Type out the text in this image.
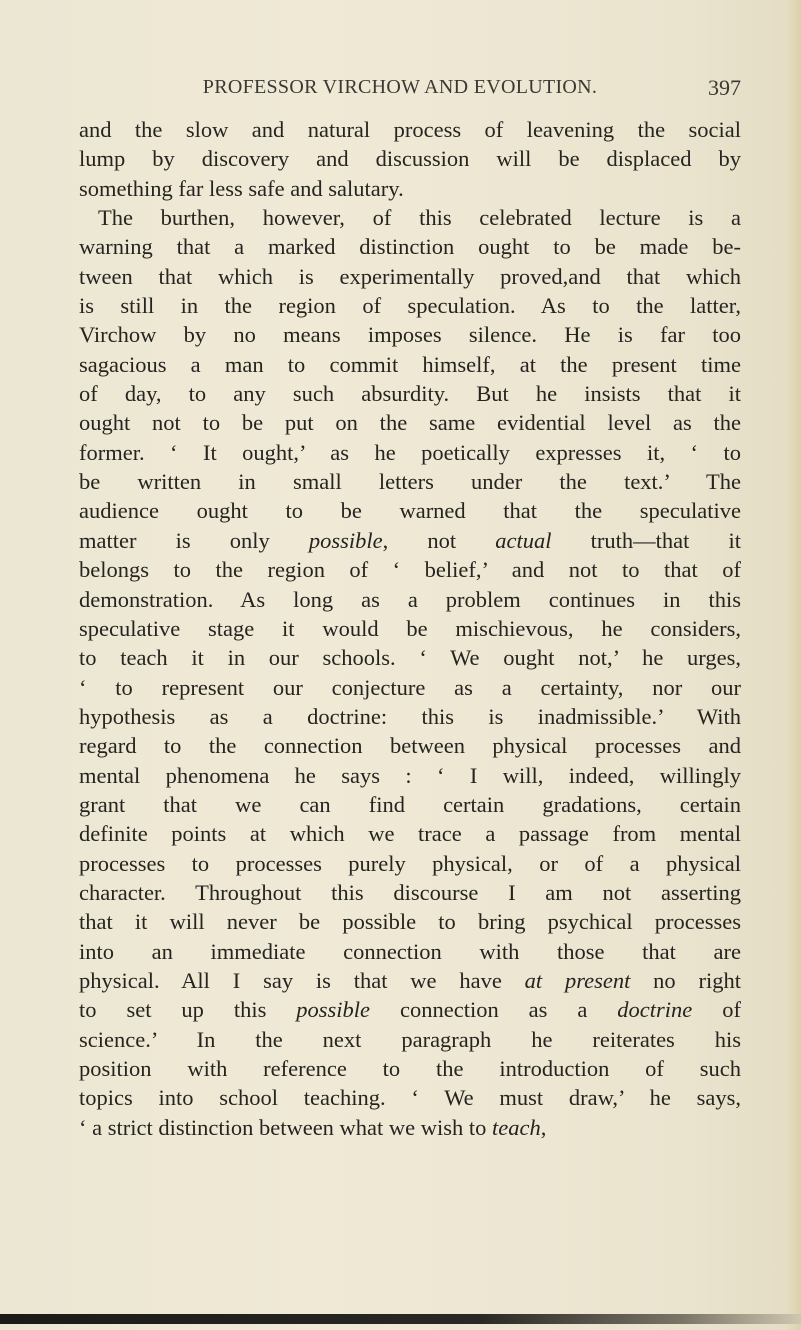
PROFESSOR VIRCHOW AND EVOLUTION.	397
and the slow and natural process of leavening the social
lump by discovery and discussion will be displaced by
something far less safe and salutary.
The burthen, however, of this celebrated lecture is a
warning that a marked distinction ought to be made be-
tween that which is experimentally proved,and that which
is still in the region of speculation. As to the latter,
Virchow by no means imposes silence. He is far too
sagacious a man to commit himself, at the present time
of day, to any such absurdity. But he insists that it
ought not to be put on the same evidential level as the
former. ‘ It ought,’ as he poetically expresses it, ‘ to
be written in small letters under the text.’ The
audience ought to be warned that the speculative
matter is only possible, not actual truth—that it
belongs to the region of ‘ belief,’ and not to that of
demonstration. As long as a problem continues in this
speculative stage it would be mischievous, he considers,
to teach it in our schools. ‘ We ought not,’ he urges,
‘ to represent our conjecture as a certainty, nor our
hypothesis as a doctrine: this is inadmissible.’ With
regard to the connection between physical processes and
mental phenomena he says : ‘ I will, indeed, willingly
grant that we can find certain gradations, certain
definite points at which we trace a passage from mental
processes to processes purely physical, or of a physical
character. Throughout this discourse I am not asserting
that it will never be possible to bring psychical processes
into an immediate connection with those that are
physical. All I say is that we have at present no right
to set up this possible connection as a doctrine of
science.’ In the next paragraph he reiterates his
position with reference to the introduction of such
topics into school teaching. ‘ We must draw,’ he says,
‘ a strict distinction between what we wish to teach,
